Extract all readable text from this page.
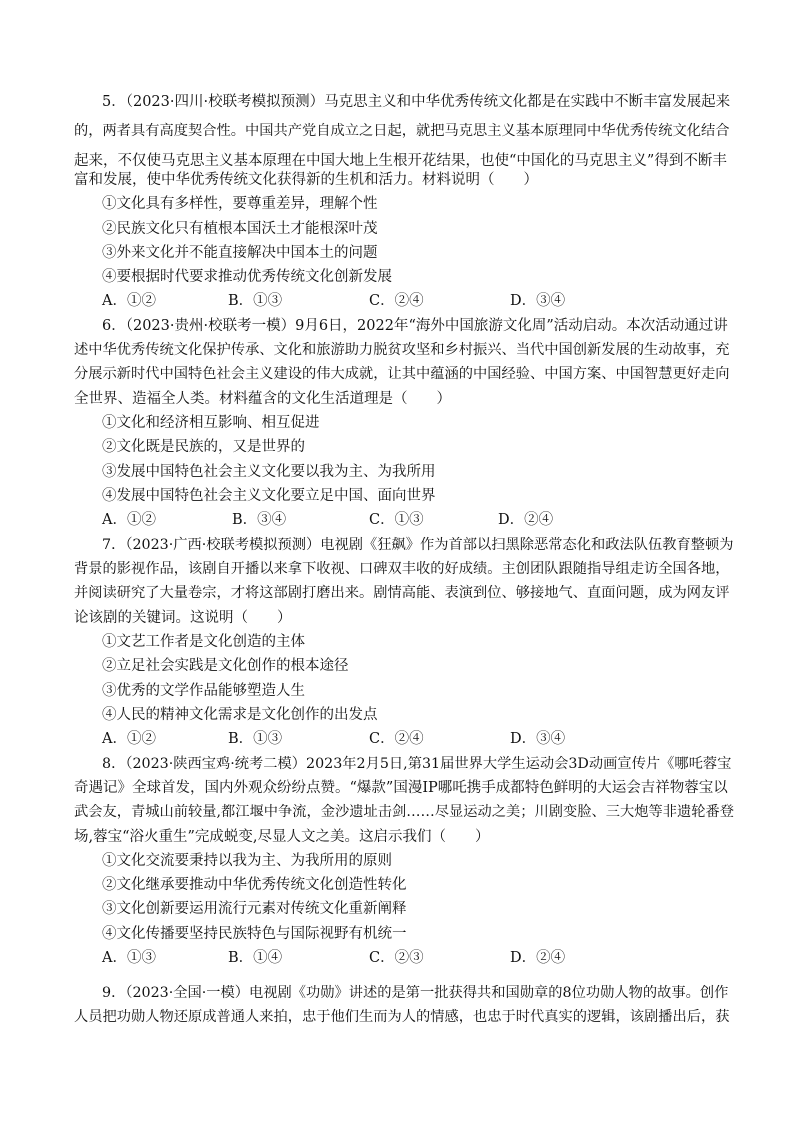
5．（2023·四川·校联考模拟预测）马克思主义和中华优秀传统文化都是在实践中不断丰富发展起来
的，两者具有高度契合性。中国共产党自成立之日起，就把马克思主义基本原理同中华优秀传统文化结合
起来，不仅使马克思主义基本原理在中国大地上生根开花结果，也使“中国化的马克思主义”得到不断丰
富和发展，使中华优秀传统文化获得新的生机和活力。材料说明（　　）
①文化具有多样性，要尊重差异，理解个性
②民族文化只有植根本国沃土才能根深叶茂
③外来文化并不能直接解决中国本土的问题
④要根据时代要求推动优秀传统文化创新发展
A．①②	B．①③	C．②④	D．③④
6．（2023·贵州·校联考一模）9月6日，2022年“海外中国旅游文化周”活动启动。本次活动通过讲
述中华优秀传统文化保护传承、文化和旅游助力脱贫攻坚和乡村振兴、当代中国创新发展的生动故事，充
分展示新时代中国特色社会主义建设的伟大成就，让其中蕴涵的中国经验、中国方案、中国智慧更好走向
全世界、造福全人类。材料蕴含的文化生活道理是（　　）
①文化和经济相互影响、相互促进
②文化既是民族的，又是世界的
③发展中国特色社会主义文化要以我为主、为我所用
④发展中国特色社会主义文化要立足中国、面向世界
A．①②	B．③④	C．①③	D．②④
7．（2023·广西·校联考模拟预测）电视剧《狂飙》作为首部以扫黑除恶常态化和政法队伍教育整顿为
背景的影视作品，该剧自开播以来拿下收视、口碑双丰收的好成绩。主创团队跟随指导组走访全国各地，
并阅读研究了大量卷宗，才将这部剧打磨出来。剧情高能、表演到位、够接地气、直面问题，成为网友评
论该剧的关键词。这说明（　　）
①文艺工作者是文化创造的主体
②立足社会实践是文化创作的根本途径
③优秀的文学作品能够塑造人生
④人民的精神文化需求是文化创作的出发点
A．①②	B．①③	C．②④	D．③④
8．（2023·陕西宝鸡·统考二模）2023年2月5日,第31届世界大学生运动会3D动画宣传片《哪吒蓉宝
奇遇记》全球首发，国内外观众纷纷点赞。“爆款”国漫IP哪吒携手成都特色鲜明的大运会吉祥物蓉宝以
武会友，青城山前较量,都江堰中争流，金沙遗址击剑……尽显运动之美；川剧变脸、三大炮等非遗轮番登
场,蓉宝“浴火重生”完成蜕变,尽显人文之美。这启示我们（　　）
①文化交流要秉持以我为主、为我所用的原则
②文化继承要推动中华优秀传统文化创造性转化
③文化创新要运用流行元素对传统文化重新阐释
④文化传播要坚持民族特色与国际视野有机统一
A．①③	B．①④	C．②③	D．②④
9．（2023·全国·一模）电视剧《功勋》讲述的是第一批获得共和国勋章的8位功勋人物的故事。创作
人员把功勋人物还原成普通人来拍，忠于他们生而为人的情感，也忠于时代真实的逻辑，该剧播出后，获
